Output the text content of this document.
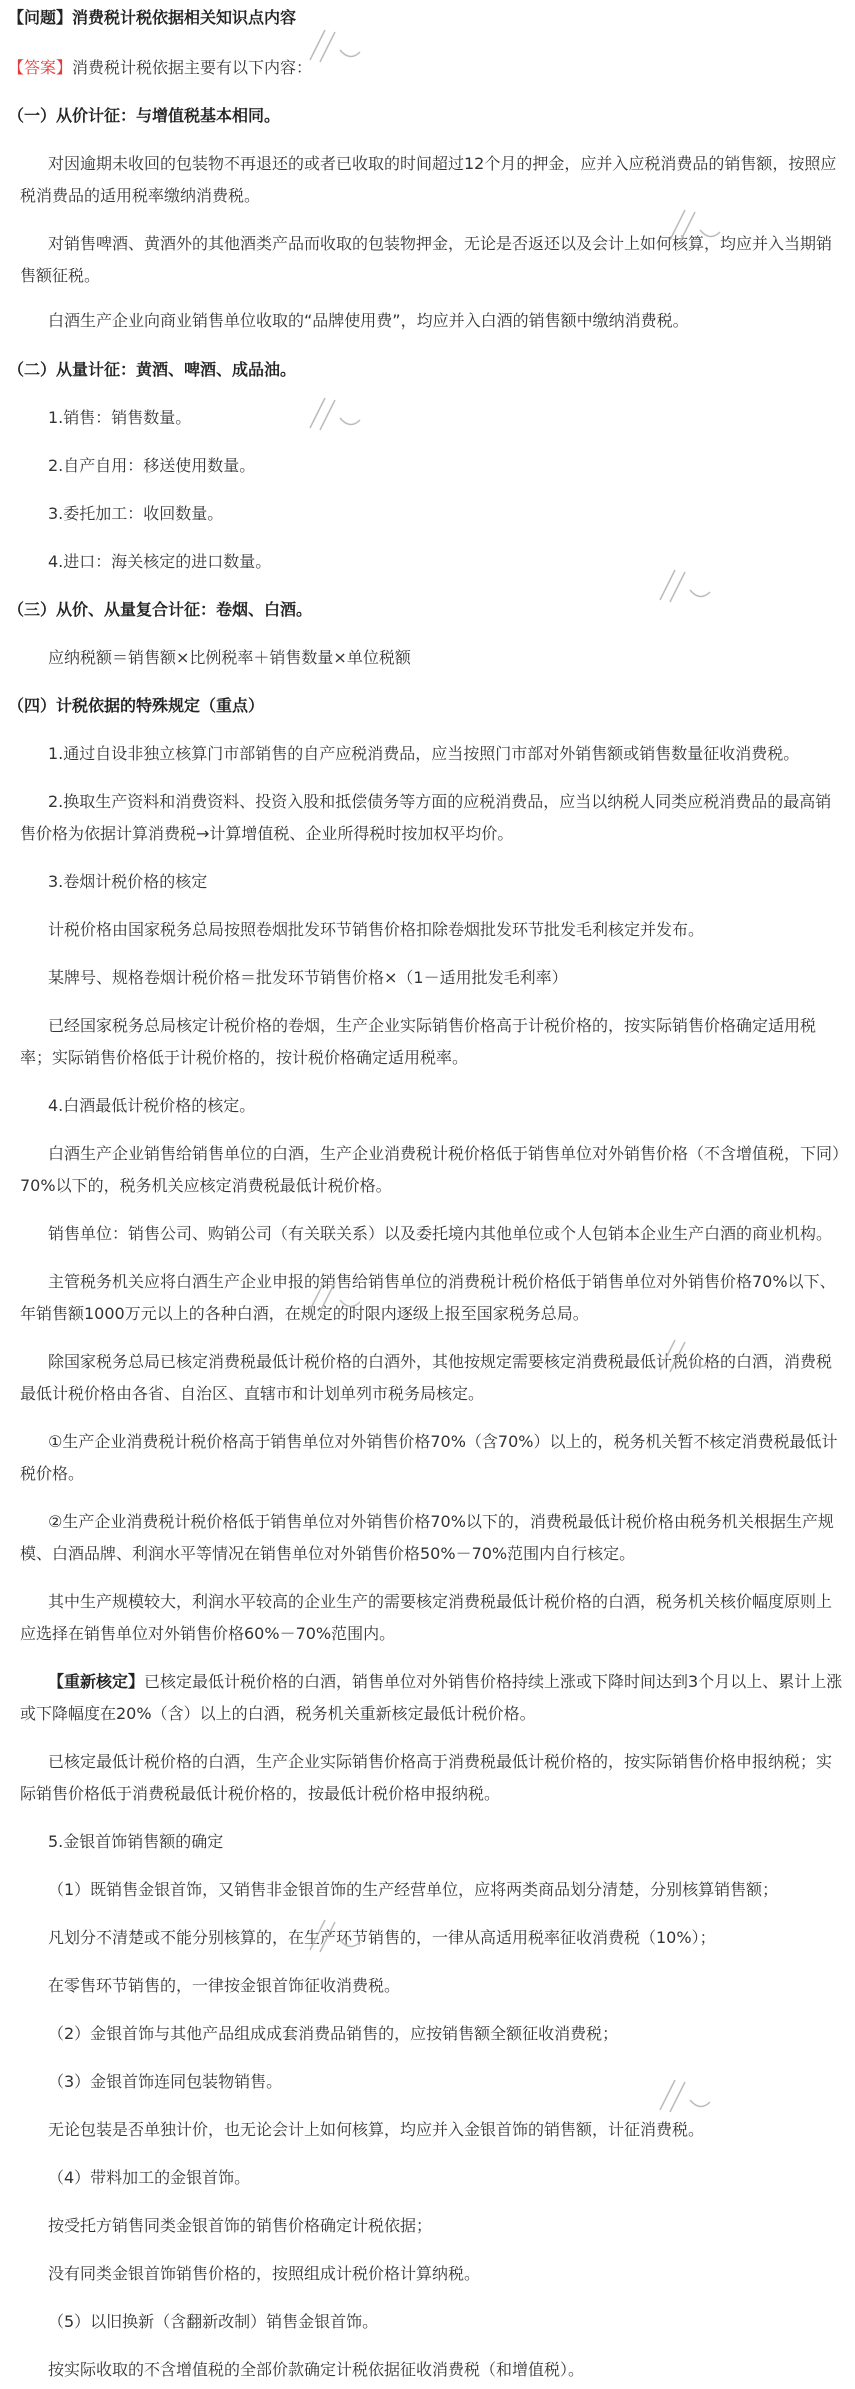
【问题】消费税计税依据相关知识点内容
【答案】消费税计税依据主要有以下内容：
（一）从价计征：与增值税基本相同。
对因逾期未收回的包装物不再退还的或者已收取的时间超过12个月的押金，应并入应税消费品的销售额，按照应税消费品的适用税率缴纳消费税。
对销售啤酒、黄酒外的其他酒类产品而收取的包装物押金，无论是否返还以及会计上如何核算，均应并入当期销售额征税。
白酒生产企业向商业销售单位收取的“品牌使用费”，均应并入白酒的销售额中缴纳消费税。
（二）从量计征：黄酒、啤酒、成品油。
1.销售：销售数量。
2.自产自用：移送使用数量。
3.委托加工：收回数量。
4.进口：海关核定的进口数量。
（三）从价、从量复合计征：卷烟、白酒。
应纳税额＝销售额×比例税率＋销售数量×单位税额
（四）计税依据的特殊规定（重点）
1.通过自设非独立核算门市部销售的自产应税消费品，应当按照门市部对外销售额或销售数量征收消费税。
2.换取生产资料和消费资料、投资入股和抵偿债务等方面的应税消费品，应当以纳税人同类应税消费品的最高销售价格为依据计算消费税→计算增值税、企业所得税时按加权平均价。
3.卷烟计税价格的核定
计税价格由国家税务总局按照卷烟批发环节销售价格扣除卷烟批发环节批发毛利核定并发布。
某牌号、规格卷烟计税价格＝批发环节销售价格×（1－适用批发毛利率）
已经国家税务总局核定计税价格的卷烟，生产企业实际销售价格高于计税价格的，按实际销售价格确定适用税率；实际销售价格低于计税价格的，按计税价格确定适用税率。
4.白酒最低计税价格的核定。
白酒生产企业销售给销售单位的白酒，生产企业消费税计税价格低于销售单位对外销售价格（不含增值税，下同）70%以下的，税务机关应核定消费税最低计税价格。
销售单位：销售公司、购销公司（有关联关系）以及委托境内其他单位或个人包销本企业生产白酒的商业机构。
主管税务机关应将白酒生产企业申报的销售给销售单位的消费税计税价格低于销售单位对外销售价格70%以下、年销售额1000万元以上的各种白酒，在规定的时限内逐级上报至国家税务总局。
除国家税务总局已核定消费税最低计税价格的白酒外，其他按规定需要核定消费税最低计税价格的白酒，消费税最低计税价格由各省、自治区、直辖市和计划单列市税务局核定。
①生产企业消费税计税价格高于销售单位对外销售价格70%（含70%）以上的，税务机关暂不核定消费税最低计税价格。
②生产企业消费税计税价格低于销售单位对外销售价格70%以下的，消费税最低计税价格由税务机关根据生产规模、白酒品牌、利润水平等情况在销售单位对外销售价格50%－70%范围内自行核定。
其中生产规模较大，利润水平较高的企业生产的需要核定消费税最低计税价格的白酒，税务机关核价幅度原则上应选择在销售单位对外销售价格60%－70%范围内。
【重新核定】已核定最低计税价格的白酒，销售单位对外销售价格持续上涨或下降时间达到3个月以上、累计上涨或下降幅度在20%（含）以上的白酒，税务机关重新核定最低计税价格。
已核定最低计税价格的白酒，生产企业实际销售价格高于消费税最低计税价格的，按实际销售价格申报纳税；实际销售价格低于消费税最低计税价格的，按最低计税价格申报纳税。
5.金银首饰销售额的确定
（1）既销售金银首饰，又销售非金银首饰的生产经营单位，应将两类商品划分清楚，分别核算销售额；
凡划分不清楚或不能分别核算的，在生产环节销售的，一律从高适用税率征收消费税（10%）；
在零售环节销售的，一律按金银首饰征收消费税。
（2）金银首饰与其他产品组成成套消费品销售的，应按销售额全额征收消费税；
（3）金银首饰连同包装物销售。
无论包装是否单独计价，也无论会计上如何核算，均应并入金银首饰的销售额，计征消费税。
（4）带料加工的金银首饰。
按受托方销售同类金银首饰的销售价格确定计税依据；
没有同类金银首饰销售价格的，按照组成计税价格计算纳税。
（5）以旧换新（含翻新改制）销售金银首饰。
按实际收取的不含增值税的全部价款确定计税依据征收消费税（和增值税）。
